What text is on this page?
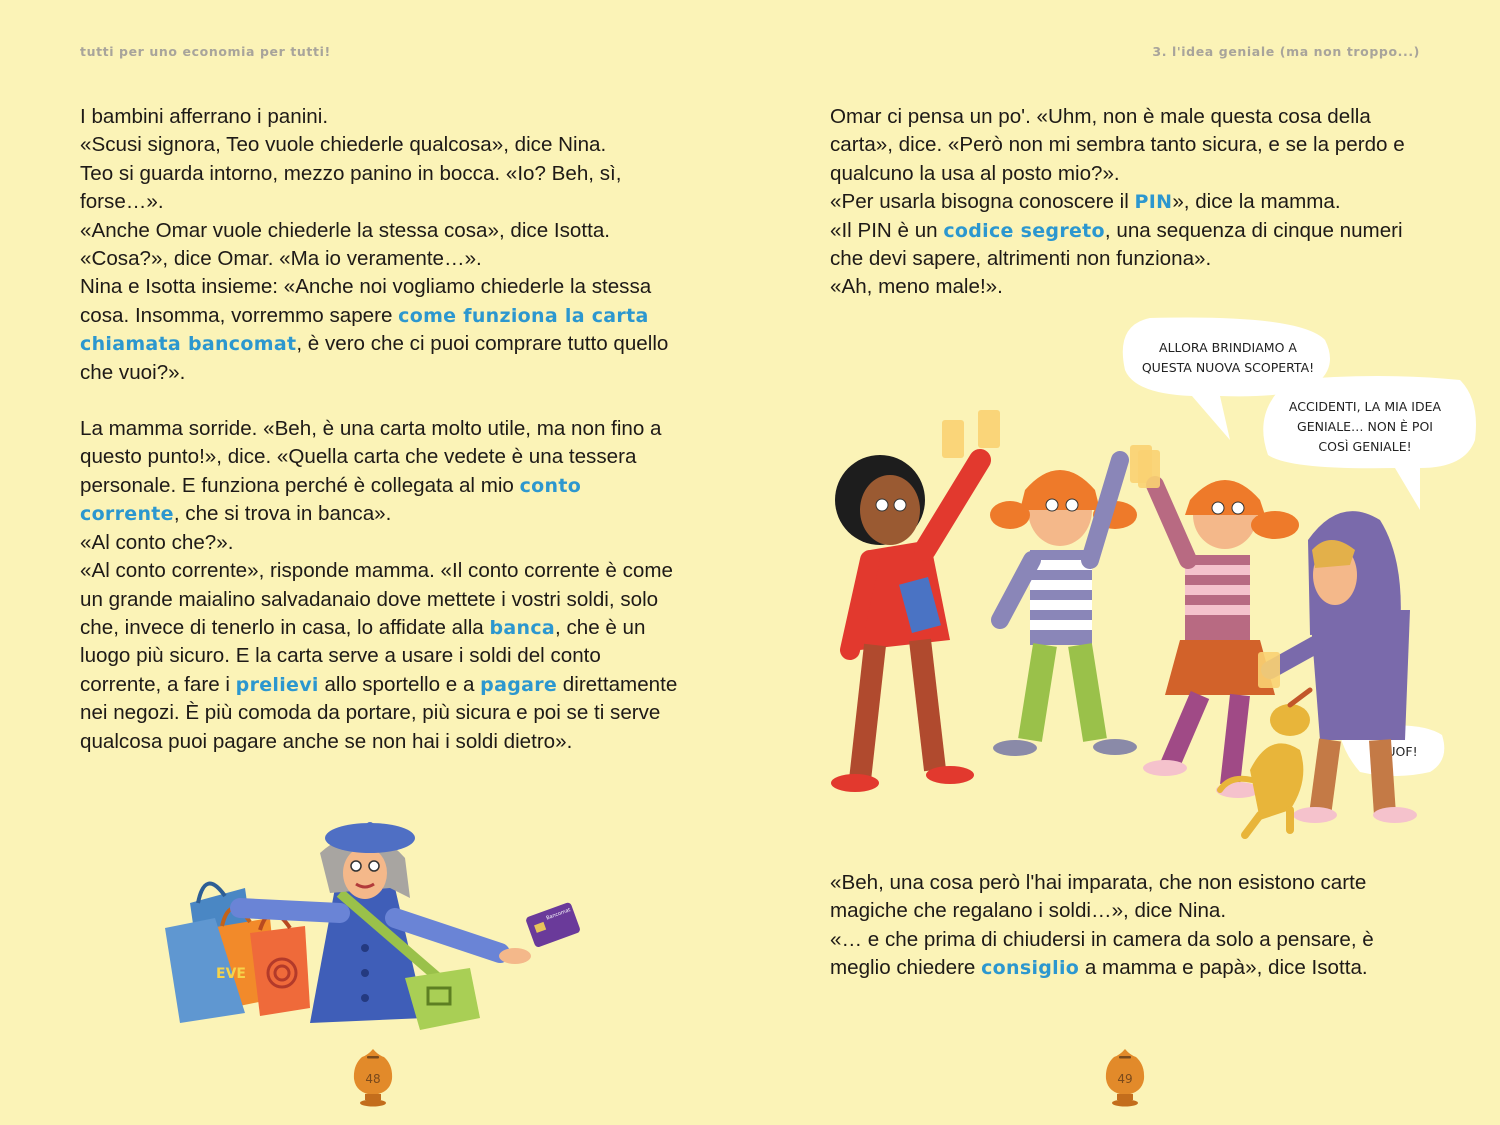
tutti per uno economia per tutti!	3. l'idea geniale (ma non troppo...)

I bambini afferrano i panini.

«Scusi signora, Teo vuole chiederle qualcosa», dice Nina.

Teo si guarda intorno, mezzo panino in bocca. «Io? Beh, sì, forse…».

«Anche Omar vuole chiederle la stessa cosa», dice Isotta.

«Cosa?», dice Omar. «Ma io veramente…».

Nina e Isotta insieme: «Anche noi vogliamo chiederle la stessa cosa. Insomma, vorremmo sapere come funziona la carta chiamata bancomat, è vero che ci puoi comprare tutto quello che vuoi?».

La mamma sorride. «Beh, è una carta molto utile, ma non fino a questo punto!», dice. «Quella carta che vedete è una tessera personale. E funziona perché è collegata al mio conto corrente, che si trova in banca».

«Al conto che?».

«Al conto corrente», risponde mamma. «Il conto corrente è come un grande maialino salvadanaio dove mettete i vostri soldi, solo che, invece di tenerlo in casa, lo affidate alla banca, che è un luogo più sicuro. E la carta serve a usare i soldi del conto corrente, a fare i prelievi allo sportello e a pagare direttamente nei negozi. È più comoda da portare, più sicura e poi se ti serve qualcosa puoi pagare anche se non hai i soldi dietro».

EVE
Bancomat
48

Omar ci pensa un po'. «Uhm, non è male questa cosa della carta», dice. «Però non mi sembra tanto sicura, e se la perdo e qualcuno la usa al posto mio?».

«Per usarla bisogna conoscere il PIN», dice la mamma.

«Il PIN è un codice segreto, una sequenza di cinque numeri che devi sapere, altrimenti non funziona».

«Ah, meno male!».

ALLORA BRINDIAMO A
QUESTA NUOVA SCOPERTA!
ACCIDENTI, LA MIA IDEA
GENIALE… NON È POI
COSÌ GENIALE!
UOF!

«Beh, una cosa però l'hai imparata, che non esistono carte magiche che regalano i soldi…», dice Nina.

«… e che prima di chiudersi in camera da solo a pensare, è meglio chiedere consiglio a mamma e papà», dice Isotta.

49
